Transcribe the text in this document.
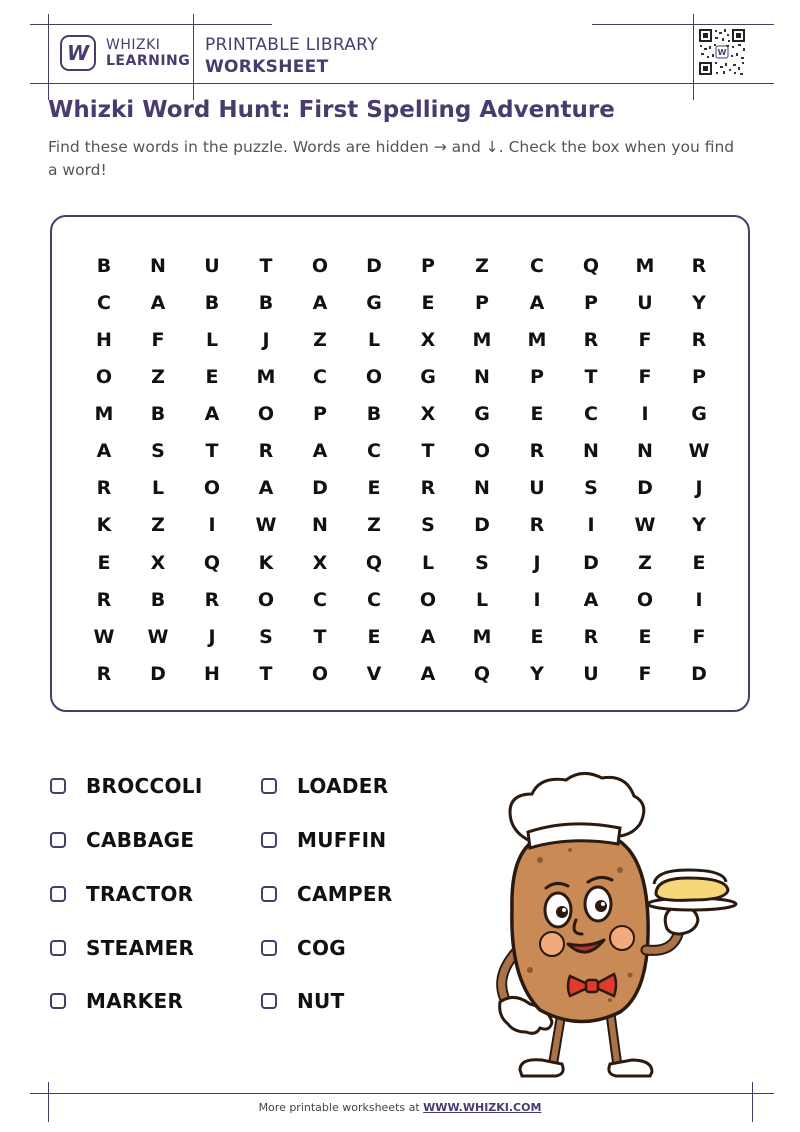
W WHIZKI
LEARNING
PRINTABLE LIBRARY
WORKSHEET
W
Whizki Word Hunt: First Spelling Adventure
Find these words in the puzzle. Words are hidden → and ↓. Check the box when you find a word!
B	N	U	T	O	D	P	Z	C	Q	M	R
C	A	B	B	A	G	E	P	A	P	U	Y
H	F	L	J	Z	L	X	M	M	R	F	R
O	Z	E	M	C	O	G	N	P	T	F	P
M	B	A	O	P	B	X	G	E	C	I	G
A	S	T	R	A	C	T	O	R	N	N	W
R	L	O	A	D	E	R	N	U	S	D	J
K	Z	I	W	N	Z	S	D	R	I	W	Y
E	X	Q	K	X	Q	L	S	J	D	Z	E
R	B	R	O	C	C	O	L	I	A	O	I
W	W	J	S	T	E	A	M	E	R	E	F
R	D	H	T	O	V	A	Q	Y	U	F	D
BROCCOLI	LOADER
CABBAGE	MUFFIN
TRACTOR	CAMPER
STEAMER	COG
MARKER	NUT
More printable worksheets at WWW.WHIZKI.COM
